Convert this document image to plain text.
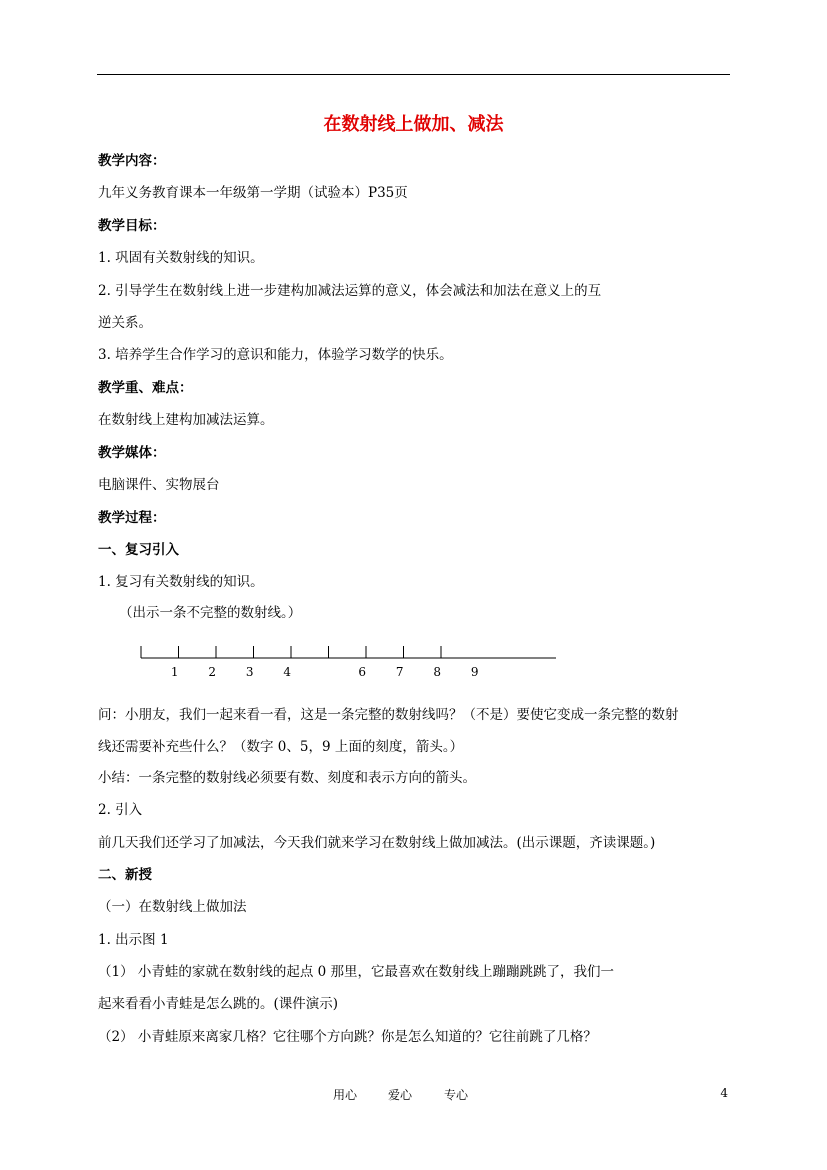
在数射线上做加、减法
教学内容：
九年义务教育课本一年级第一学期（试验本）P35页
教学目标：
1. 巩固有关数射线的知识。
2. 引导学生在数射线上进一步建构加减法运算的意义，体会减法和加法在意义上的互
逆关系。
3. 培养学生合作学习的意识和能力，体验学习数学的快乐。
教学重、难点：
在数射线上建构加减法运算。
教学媒体：
电脑课件、实物展台
教学过程：
一、复习引入
1. 复习有关数射线的知识。
（出示一条不完整的数射线。）
1 2 3 4	6 7 8 9
问：小朋友，我们一起来看一看，这是一条完整的数射线吗？（不是）要使它变成一条完整的数射
线还需要补充些什么？（数字 0、5，9 上面的刻度，箭头。）
小结：一条完整的数射线必须要有数、刻度和表示方向的箭头。
2. 引入
前几天我们还学习了加减法，今天我们就来学习在数射线上做加减法。(出示课题，齐读课题。)
二、新授
（一）在数射线上做加法
1. 出示图 1
（1） 小青蛙的家就在数射线的起点 0 那里，它最喜欢在数射线上蹦蹦跳跳了，我们一
起来看看小青蛙是怎么跳的。(课件演示)
（2） 小青蛙原来离家几格？它往哪个方向跳？你是怎么知道的？它往前跳了几格？
用心	爱心	专心	4
